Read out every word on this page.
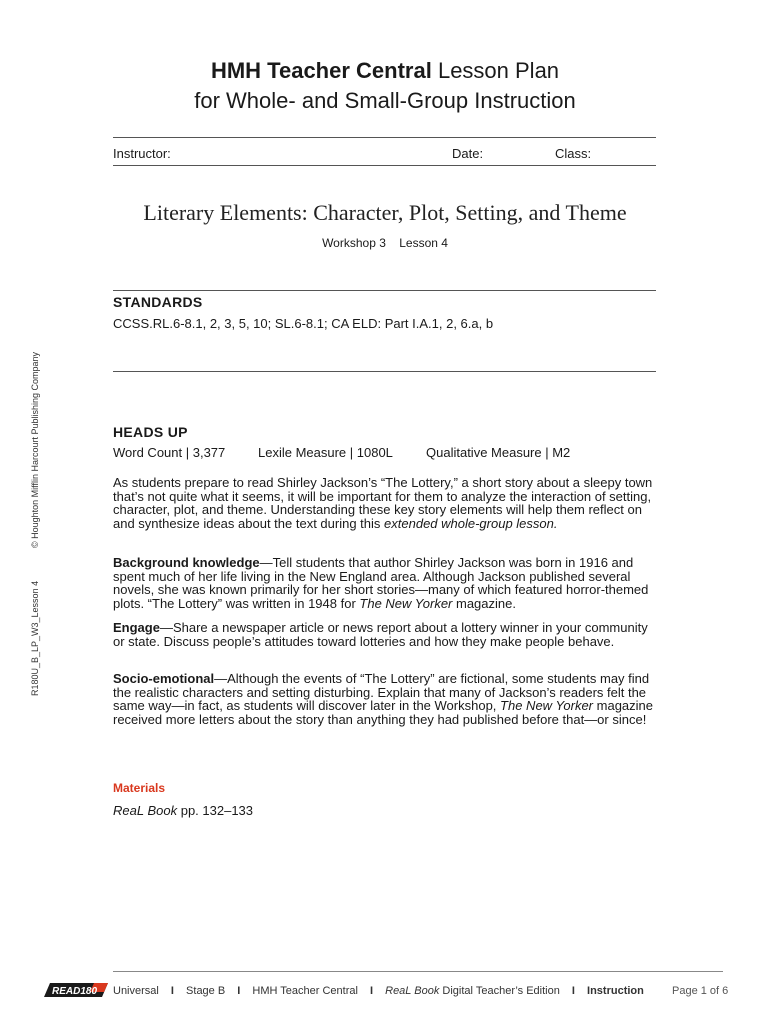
HMH Teacher Central Lesson Plan
for Whole- and Small-Group Instruction
Instructor:	Date:	Class:
Literary Elements: Character, Plot, Setting, and Theme
Workshop 3 Lesson 4
STANDARDS
CCSS.RL.6-8.1, 2, 3, 5, 10; SL.6-8.1; CA ELD: Part I.A.1, 2, 6.a, b
HEADS UP
Word Count | 3,377	Lexile Measure | 1080L	Qualitative Measure | M2
As students prepare to read Shirley Jackson’s “The Lottery,” a short story about a sleepy town that’s not quite what it seems, it will be important for them to analyze the interaction of setting, character, plot, and theme. Understanding these key story elements will help them reflect on and synthesize ideas about the text during this extended whole-group lesson.
Background knowledge—Tell students that author Shirley Jackson was born in 1916 and spent much of her life living in the New England area. Although Jackson published several novels, she was known primarily for her short stories—many of which featured horror-themed plots. “The Lottery” was written in 1948 for The New Yorker magazine.
Engage—Share a newspaper article or news report about a lottery winner in your community or state. Discuss people’s attitudes toward lotteries and how they make people behave.
Socio-emotional—Although the events of “The Lottery” are fictional, some students may find the realistic characters and setting disturbing. Explain that many of Jackson’s readers felt the same way—in fact, as students will discover later in the Workshop, The New Yorker magazine received more letters about the story than anything they had published before that—or since!
Materials
ReaL Book pp. 132–133
© Houghton Mifflin Harcourt Publishing Company
R180U_B_LP_W3_Lesson 4
READ180 Universal I Stage B I HMH Teacher Central I ReaL Book Digital Teacher’s Edition I Instruction	Page 1 of 6
